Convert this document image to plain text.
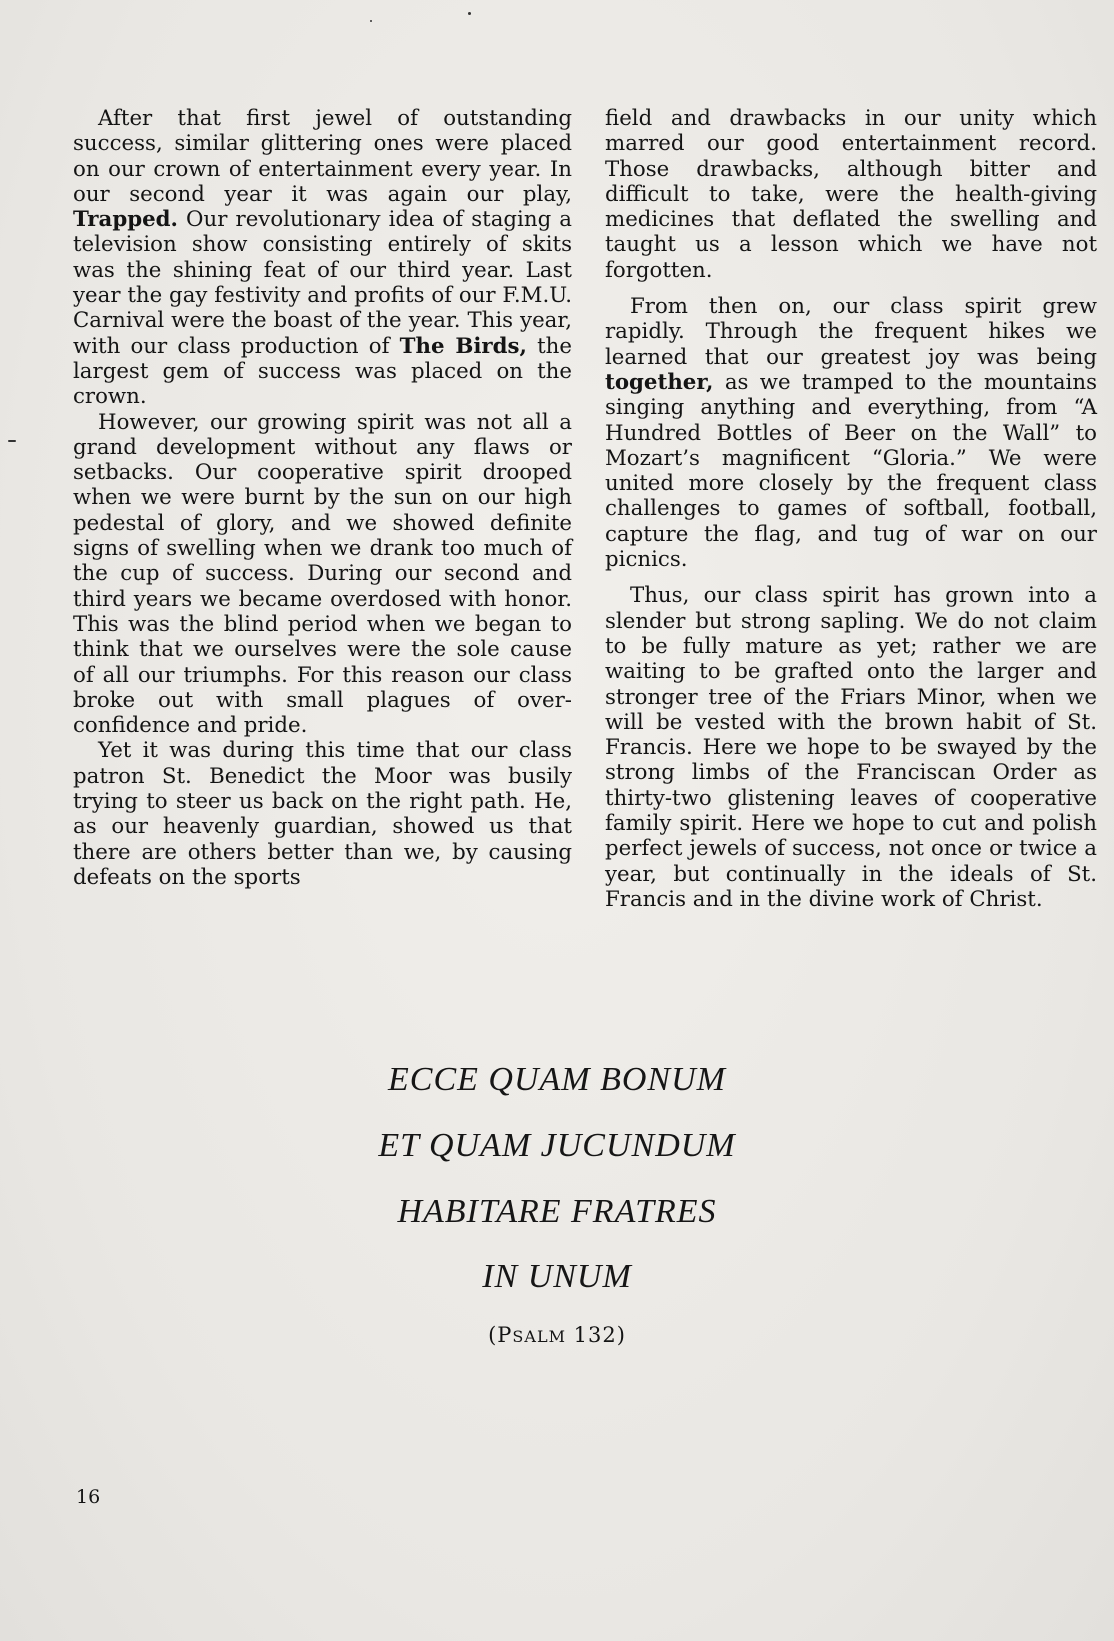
After that first jewel of outstanding success, similar glittering ones were placed on our crown of entertainment every year. In our second year it was again our play, Trapped. Our revolutionary idea of staging a television show consisting entirely of skits was the shining feat of our third year. Last year the gay festivity and profits of our F.M.U. Carnival were the boast of the year. This year, with our class production of The Birds, the largest gem of success was placed on the crown.

However, our growing spirit was not all a grand development without any flaws or setbacks. Our cooperative spirit drooped when we were burnt by the sun on our high pedestal of glory, and we showed definite signs of swelling when we drank too much of the cup of success. During our second and third years we became overdosed with honor. This was the blind period when we began to think that we ourselves were the sole cause of all our triumphs. For this reason our class broke out with small plagues of over-confidence and pride.

Yet it was during this time that our class patron St. Benedict the Moor was busily trying to steer us back on the right path. He, as our heavenly guardian, showed us that there are others better than we, by causing defeats on the sports

field and drawbacks in our unity which marred our good entertainment record. Those drawbacks, although bitter and difficult to take, were the health-giving medicines that deflated the swelling and taught us a lesson which we have not forgotten.

From then on, our class spirit grew rapidly. Through the frequent hikes we learned that our greatest joy was being together, as we tramped to the mountains singing anything and everything, from “A Hundred Bottles of Beer on the Wall” to Mozart’s magnificent “Gloria.” We were united more closely by the frequent class challenges to games of softball, football, capture the flag, and tug of war on our picnics.

Thus, our class spirit has grown into a slender but strong sapling. We do not claim to be fully mature as yet; rather we are waiting to be grafted onto the larger and stronger tree of the Friars Minor, when we will be vested with the brown habit of St. Francis. Here we hope to be swayed by the strong limbs of the Franciscan Order as thirty-two glistening leaves of cooperative family spirit. Here we hope to cut and polish perfect jewels of success, not once or twice a year, but continually in the ideals of St. Francis and in the divine work of Christ.

ECCE QUAM BONUM
ET QUAM JUCUNDUM
HABITARE FRATRES
IN UNUM
(PSALM 132)
16
